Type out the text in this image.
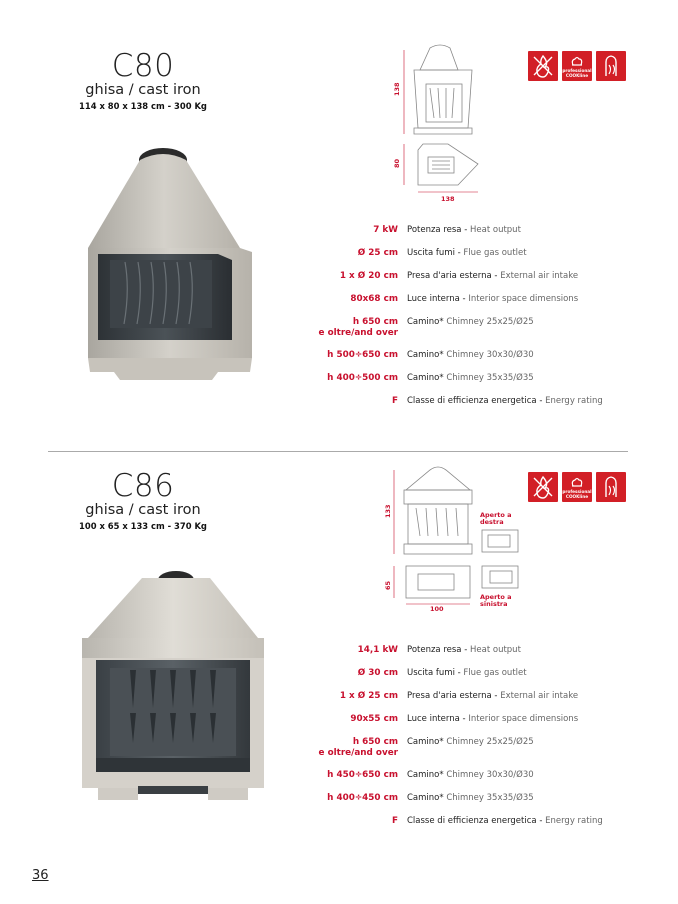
C80
ghisa / cast iron
114 x 80 x 138 cm - 300 Kg
138
80
138
professional COOKline
7 kW Potenza resa - Heat output
Ø 25 cm Uscita fumi - Flue gas outlet
1 x Ø 20 cm Presa d'aria esterna - External air intake
80x68 cm Luce interna - Interior space dimensions
h 650 cm
e oltre/and over
Camino* Chimney 25x25/Ø25
h 500÷650 cm Camino* Chimney 30x30/Ø30
h 400÷500 cm Camino* Chimney 35x35/Ø35
F Classe di efficienza energetica - Energy rating
C86
ghisa / cast iron
100 x 65 x 133 cm - 370 Kg
133
65
100
Aperto a destra
Aperto a sinistra
professional COOKline
14,1 kW Potenza resa - Heat output
Ø 30 cm Uscita fumi - Flue gas outlet
1 x Ø 25 cm Presa d'aria esterna - External air intake
90x55 cm Luce interna - Interior space dimensions
h 650 cm
e oltre/and over
Camino* Chimney 25x25/Ø25
h 450÷650 cm Camino* Chimney 30x30/Ø30
h 400÷450 cm Camino* Chimney 35x35/Ø35
F Classe di efficienza energetica - Energy rating
36
